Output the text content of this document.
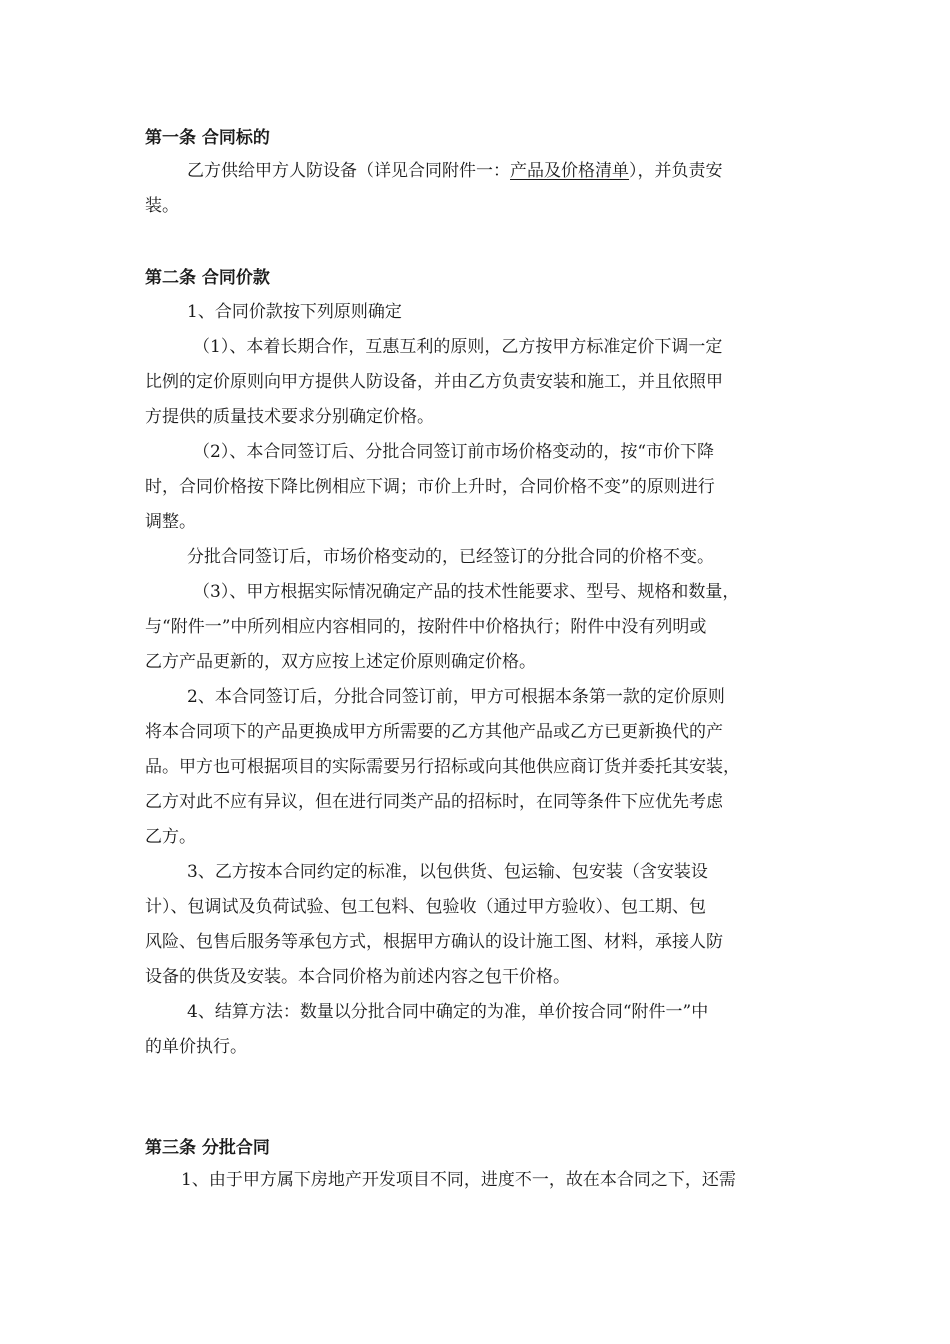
第一条 合同标的
乙方供给甲方人防设备（详见合同附件一：产品及价格清单），并负责安
装。
第二条 合同价款
1、合同价款按下列原则确定
（1）、本着长期合作，互惠互利的原则，乙方按甲方标准定价下调一定
比例的定价原则向甲方提供人防设备，并由乙方负责安装和施工，并且依照甲
方提供的质量技术要求分别确定价格。
（2）、本合同签订后、分批合同签订前市场价格变动的，按“市价下降
时，合同价格按下降比例相应下调；市价上升时，合同价格不变”的原则进行
调整。
分批合同签订后，市场价格变动的，已经签订的分批合同的价格不变。
（3）、甲方根据实际情况确定产品的技术性能要求、型号、规格和数量，
与“附件一”中所列相应内容相同的，按附件中价格执行；附件中没有列明或
乙方产品更新的，双方应按上述定价原则确定价格。
2、本合同签订后，分批合同签订前，甲方可根据本条第一款的定价原则
将本合同项下的产品更换成甲方所需要的乙方其他产品或乙方已更新换代的产
品。甲方也可根据项目的实际需要另行招标或向其他供应商订货并委托其安装，
乙方对此不应有异议，但在进行同类产品的招标时，在同等条件下应优先考虑
乙方。
3、乙方按本合同约定的标准，以包供货、包运输、包安装（含安装设
计）、包调试及负荷试验、包工包料、包验收（通过甲方验收）、包工期、包
风险、包售后服务等承包方式，根据甲方确认的设计施工图、材料，承接人防
设备的供货及安装。本合同价格为前述内容之包干价格。
4、结算方法：数量以分批合同中确定的为准，单价按合同“附件一”中
的单价执行。
第三条 分批合同
1、由于甲方属下房地产开发项目不同，进度不一，故在本合同之下，还需
